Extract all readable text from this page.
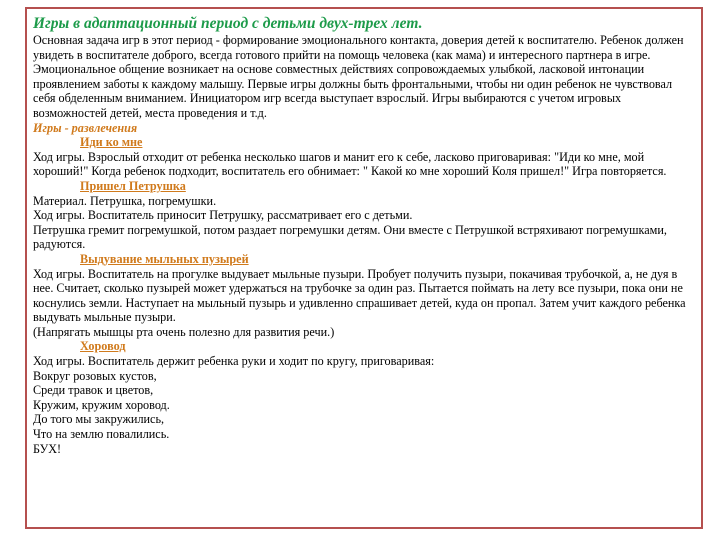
Игры в адаптационный период с детьми двух-трех лет.

Основная задача игр в этот период - формирование эмоционального контакта, доверия детей к воспитателю. Ребенок должен увидеть в воспитателе доброго, всегда готового прийти на помощь человека (как мама) и интересного партнера в игре. Эмоциональное общение возникает на основе совместных действиях сопровождаемых улыбкой, ласковой интонации проявлением заботы к каждому малышу. Первые игры должны быть фронтальными, чтобы ни один ребенок не чувствовал себя обделенным вниманием. Инициатором игр всегда выступает взрослый. Игры выбираются с учетом игровых возможностей детей, места проведения и т.д.

Игры - развлечения

Иди ко мне

Ход игры. Взрослый отходит от ребенка несколько шагов и манит его к себе, ласково приговаривая: "Иди ко мне, мой хороший!" Когда ребенок подходит, воспитатель его обнимает: " Какой ко мне хороший Коля пришел!" Игра повторяется.

Пришел Петрушка

Материал. Петрушка, погремушки.

Ход игры. Воспитатель приносит Петрушку, рассматривает его с детьми.

Петрушка гремит погремушкой, потом раздает погремушки детям. Они вместе с Петрушкой встряхивают погремушками, радуются.

Выдувание мыльных пузырей

Ход игры. Воспитатель на прогулке выдувает мыльные пузыри. Пробует получить пузыри, покачивая трубочкой, а, не дуя в нее. Считает, сколько пузырей может удержаться на трубочке за один раз. Пытается поймать на лету все пузыри, пока они не коснулись земли. Наступает на мыльный пузырь и удивленно спрашивает детей, куда он пропал. Затем учит каждого ребенка выдувать мыльные пузыри.

(Напрягать мышцы рта очень полезно для развития речи.)

Хоровод

Ход игры. Воспитатель держит ребенка руки и ходит по кругу, приговаривая:

Вокруг розовых кустов,

Среди травок и цветов,

Кружим, кружим хоровод.

До того мы закружились,

Что на землю повалились.

БУХ!
